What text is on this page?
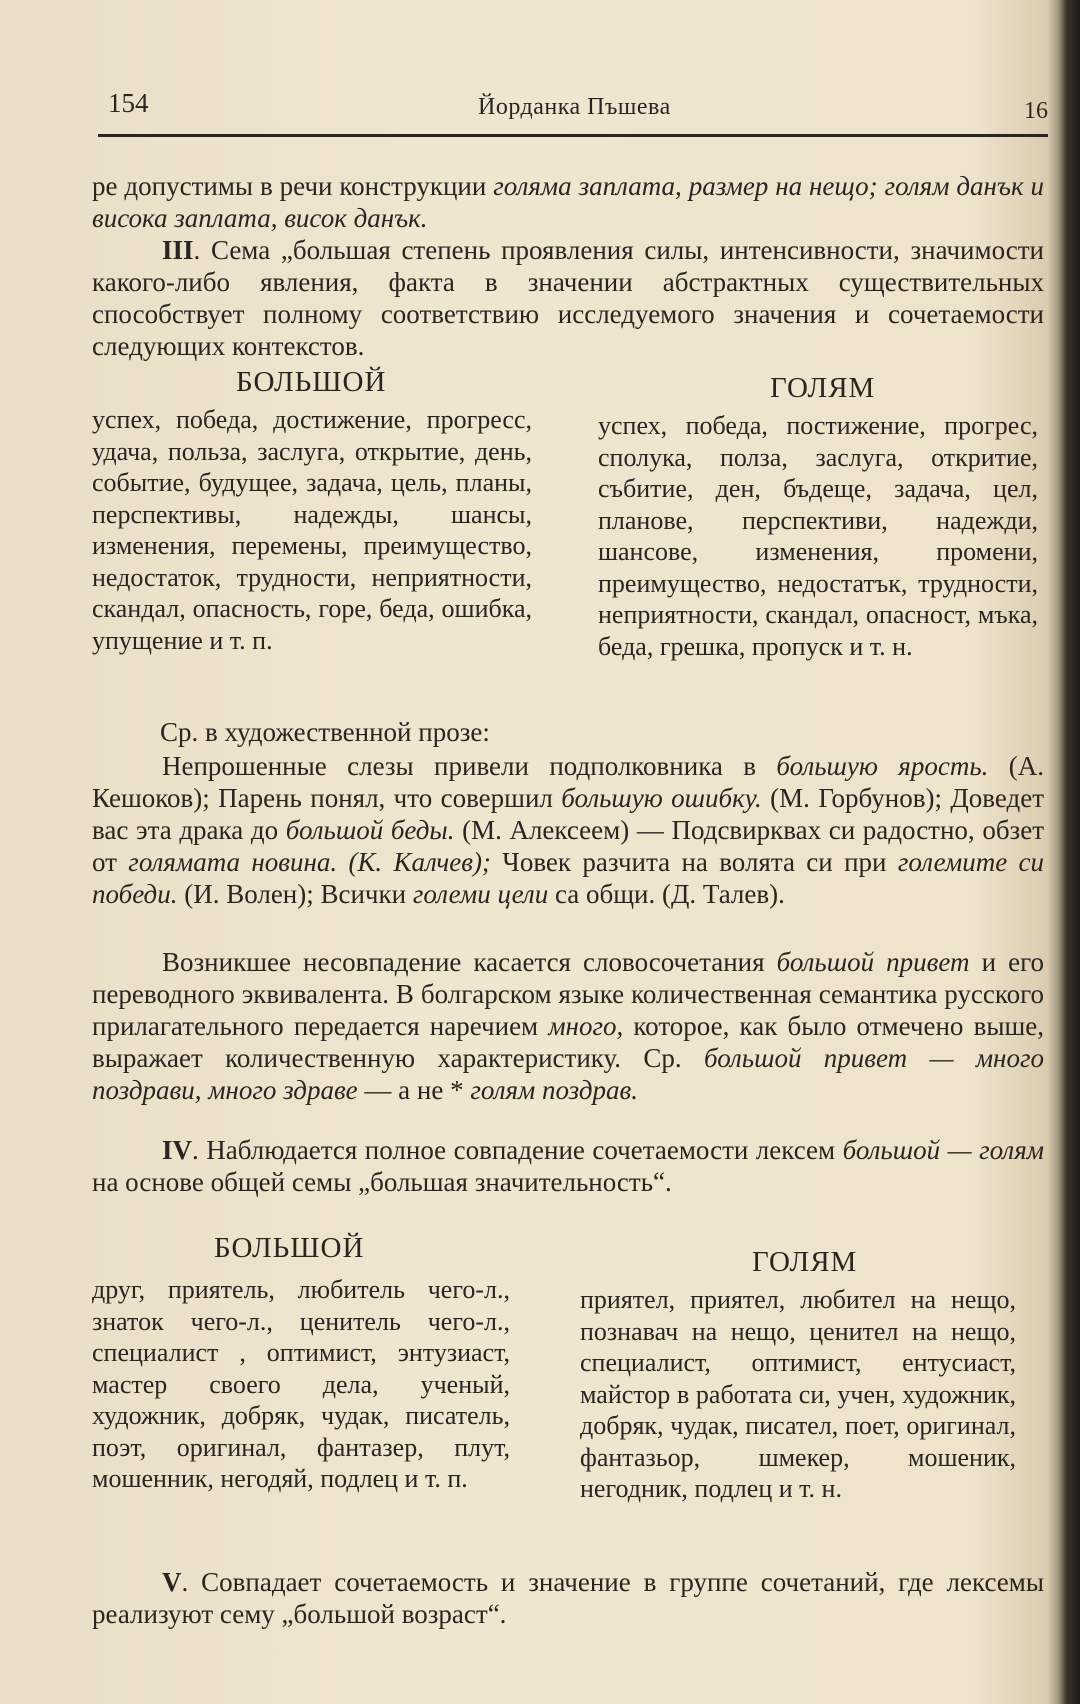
154	Йорданка Пъшева	16
ре допустимы в речи конструкции голяма заплата, размер на нещо; голям данък и висока заплата, висок данък.
III. Сема „большая степень проявления силы, интенсивности, значимости какого-либо явления, факта в значении абстрактных существительных способствует полному соответствию исследуемого значения и сочетаемости следующих контекстов.
БОЛЬШОЙ	ГОЛЯМ
успех, победа, достижение, прогресс, удача, польза, заслуга, открытие, день, событие, будущее, задача, цель, планы, перспективы, надежды, шансы, изменения, перемены, преимущество, недостаток, трудности, неприятности, скандал, опасность, горе, беда, ошибка, упущение и т. п.
успех, победа, постижение, прогрес, сполука, полза, заслуга, откритие, събитие, ден, бъдеще, задача, цел, планове, перспективи, надежди, шансове, изменения, промени, преимущество, недостатък, трудности, неприятности, скандал, опасност, мъка, беда, грешка, пропуск и т. н.
Ср. в художественной прозе:
Непрошенные слезы привели подполковника в большую ярость. (А. Кешоков); Парень понял, что совершил большую ошибку. (М. Горбунов); Доведет вас эта драка до большой беды. (М. Алексеем) — Подсвирквах си радостно, обзет от голямата новина. (К. Калчев); Човек разчита на волята си при големите си победи. (И. Волен); Всички големи цели са общи. (Д. Талев).
Возникшее несовпадение касается словосочетания большой привет и его переводного эквивалента. В болгарском языке количественная семантика русского прилагательного передается наречием много, которое, как было отмечено выше, выражает количественную характеристику. Ср. большой привет — много поздрави, много здраве — а не * голям поздрав.
IV. Наблюдается полное совпадение сочетаемости лексем большой — голям на основе общей семы „большая значительность“.
БОЛЬШОЙ	ГОЛЯМ
друг, приятель, любитель чего-л., знаток чего-л., ценитель чего-л., специалист , оптимист, энтузиаст, мастер своего дела, ученый, художник, добряк, чудак, писатель, поэт, оригинал, фантазер, плут, мошенник, негодяй, подлец и т. п.
приятел, приятел, любител на нещо, познавач на нещо, ценител на нещо, специалист, оптимист, ентусиаст, майстор в работата си, учен, художник, добряк, чудак, писател, поет, оригинал, фантазьор, шмекер, мошеник, негодник, подлец и т. н.
V. Совпадает сочетаемость и значение в группе сочетаний, где лексемы реализуют сему „большой возраст“.
